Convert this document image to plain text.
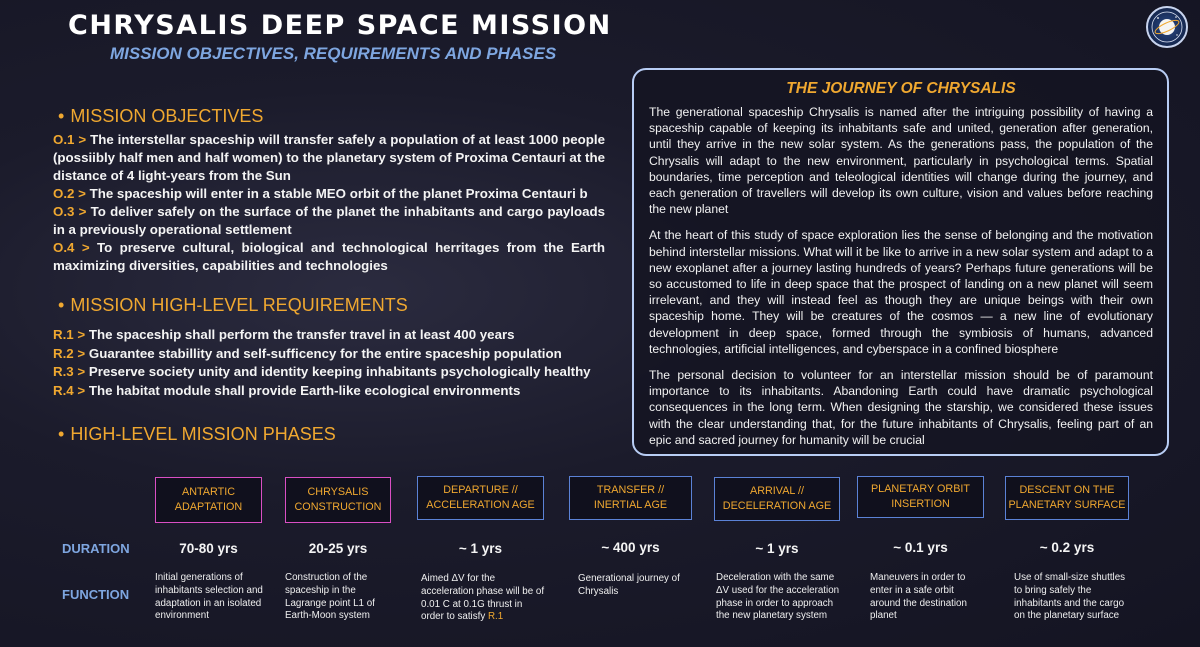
CHRYSALIS DEEP SPACE MISSION
MISSION OBJECTIVES, REQUIREMENTS AND PHASES
• MISSION OBJECTIVES
O.1 > The interstellar spaceship will transfer safely a population of at least 1000 people (possiibly half men and half women) to the planetary system of Proxima Centauri at the distance of 4 light-years from the Sun
O.2 > The spaceship will enter in a stable MEO orbit of the planet Proxima Centauri b
O.3 > To deliver safely on the surface of the planet the inhabitants and cargo payloads in a previously operational settlement
O.4 > To preserve cultural, biological and technological herritages from the Earth maximizing diversities, capabilities and technologies
• MISSION HIGH-LEVEL REQUIREMENTS
R.1 > The spaceship shall perform the transfer travel in at least 400 years
R.2 > Guarantee stabillity and self-sufficency for the entire spaceship population
R.3 > Preserve society unity and identity keeping inhabitants psychologically healthy
R.4 > The habitat module shall provide Earth-like ecological environments
• HIGH-LEVEL MISSION PHASES
THE JOURNEY OF CHRYSALIS

The generational spaceship Chrysalis is named after the intriguing possibility of having a spaceship capable of keeping its inhabitants safe and united, generation after generation, until they arrive in the new solar system. As the generations pass, the population of the Chrysalis will adapt to the new environment, particularly in psychological terms. Spatial boundaries, time perception and teleological identities will change during the journey, and each generation of travellers will develop its own culture, vision and values before reaching the new planet

At the heart of this study of space exploration lies the sense of belonging and the motivation behind interstellar missions. What will it be like to arrive in a new solar system and adapt to a new exoplanet after a journey lasting hundreds of years? Perhaps future generations will be so accustomed to life in deep space that the prospect of landing on a new planet will seem irrelevant, and they will instead feel as though they are unique beings with their own spaceship home. They will be creatures of the cosmos — a new line of evolutionary development in deep space, formed through the symbiosis of humans, advanced technologies, artificial intelligences, and cyberspace in a confined biosphere

The personal decision to volunteer for an interstellar mission should be of paramount importance to its inhabitants. Abandoning Earth could have dramatic psychological consequences in the long term. When designing the starship, we considered these issues with the clear understanding that, for the future inhabitants of Chrysalis, feeling part of an epic and sacred journey for humanity will be crucial

DURATION
FUNCTION
ANTARTIC
ADAPTATION
70-80 yrs
Initial generations of inhabitants selection and adaptation in an isolated environment
CHRYSALIS
CONSTRUCTION
20-25 yrs
Construction of the spaceship in the Lagrange point L1 of Earth-Moon system
DEPARTURE //
ACCELERATION AGE
~ 1 yrs
Aimed ΔV for the acceleration phase will be of 0.01 C at 0.1G thrust in order to satisfy R.1
TRANSFER //
INERTIAL AGE
~ 400 yrs
Generational journey of Chrysalis
ARRIVAL //
DECELERATION AGE
~ 1 yrs
Deceleration with the same ΔV used for the acceleration phase in order to approach the new planetary system
PLANETARY ORBIT
INSERTION
~ 0.1 yrs
Maneuvers in order to enter in a safe orbit around the destination planet
DESCENT ON THE
PLANETARY SURFACE
~ 0.2 yrs
Use of small-size shuttles to bring safely the inhabitants and the cargo on the planetary surface
